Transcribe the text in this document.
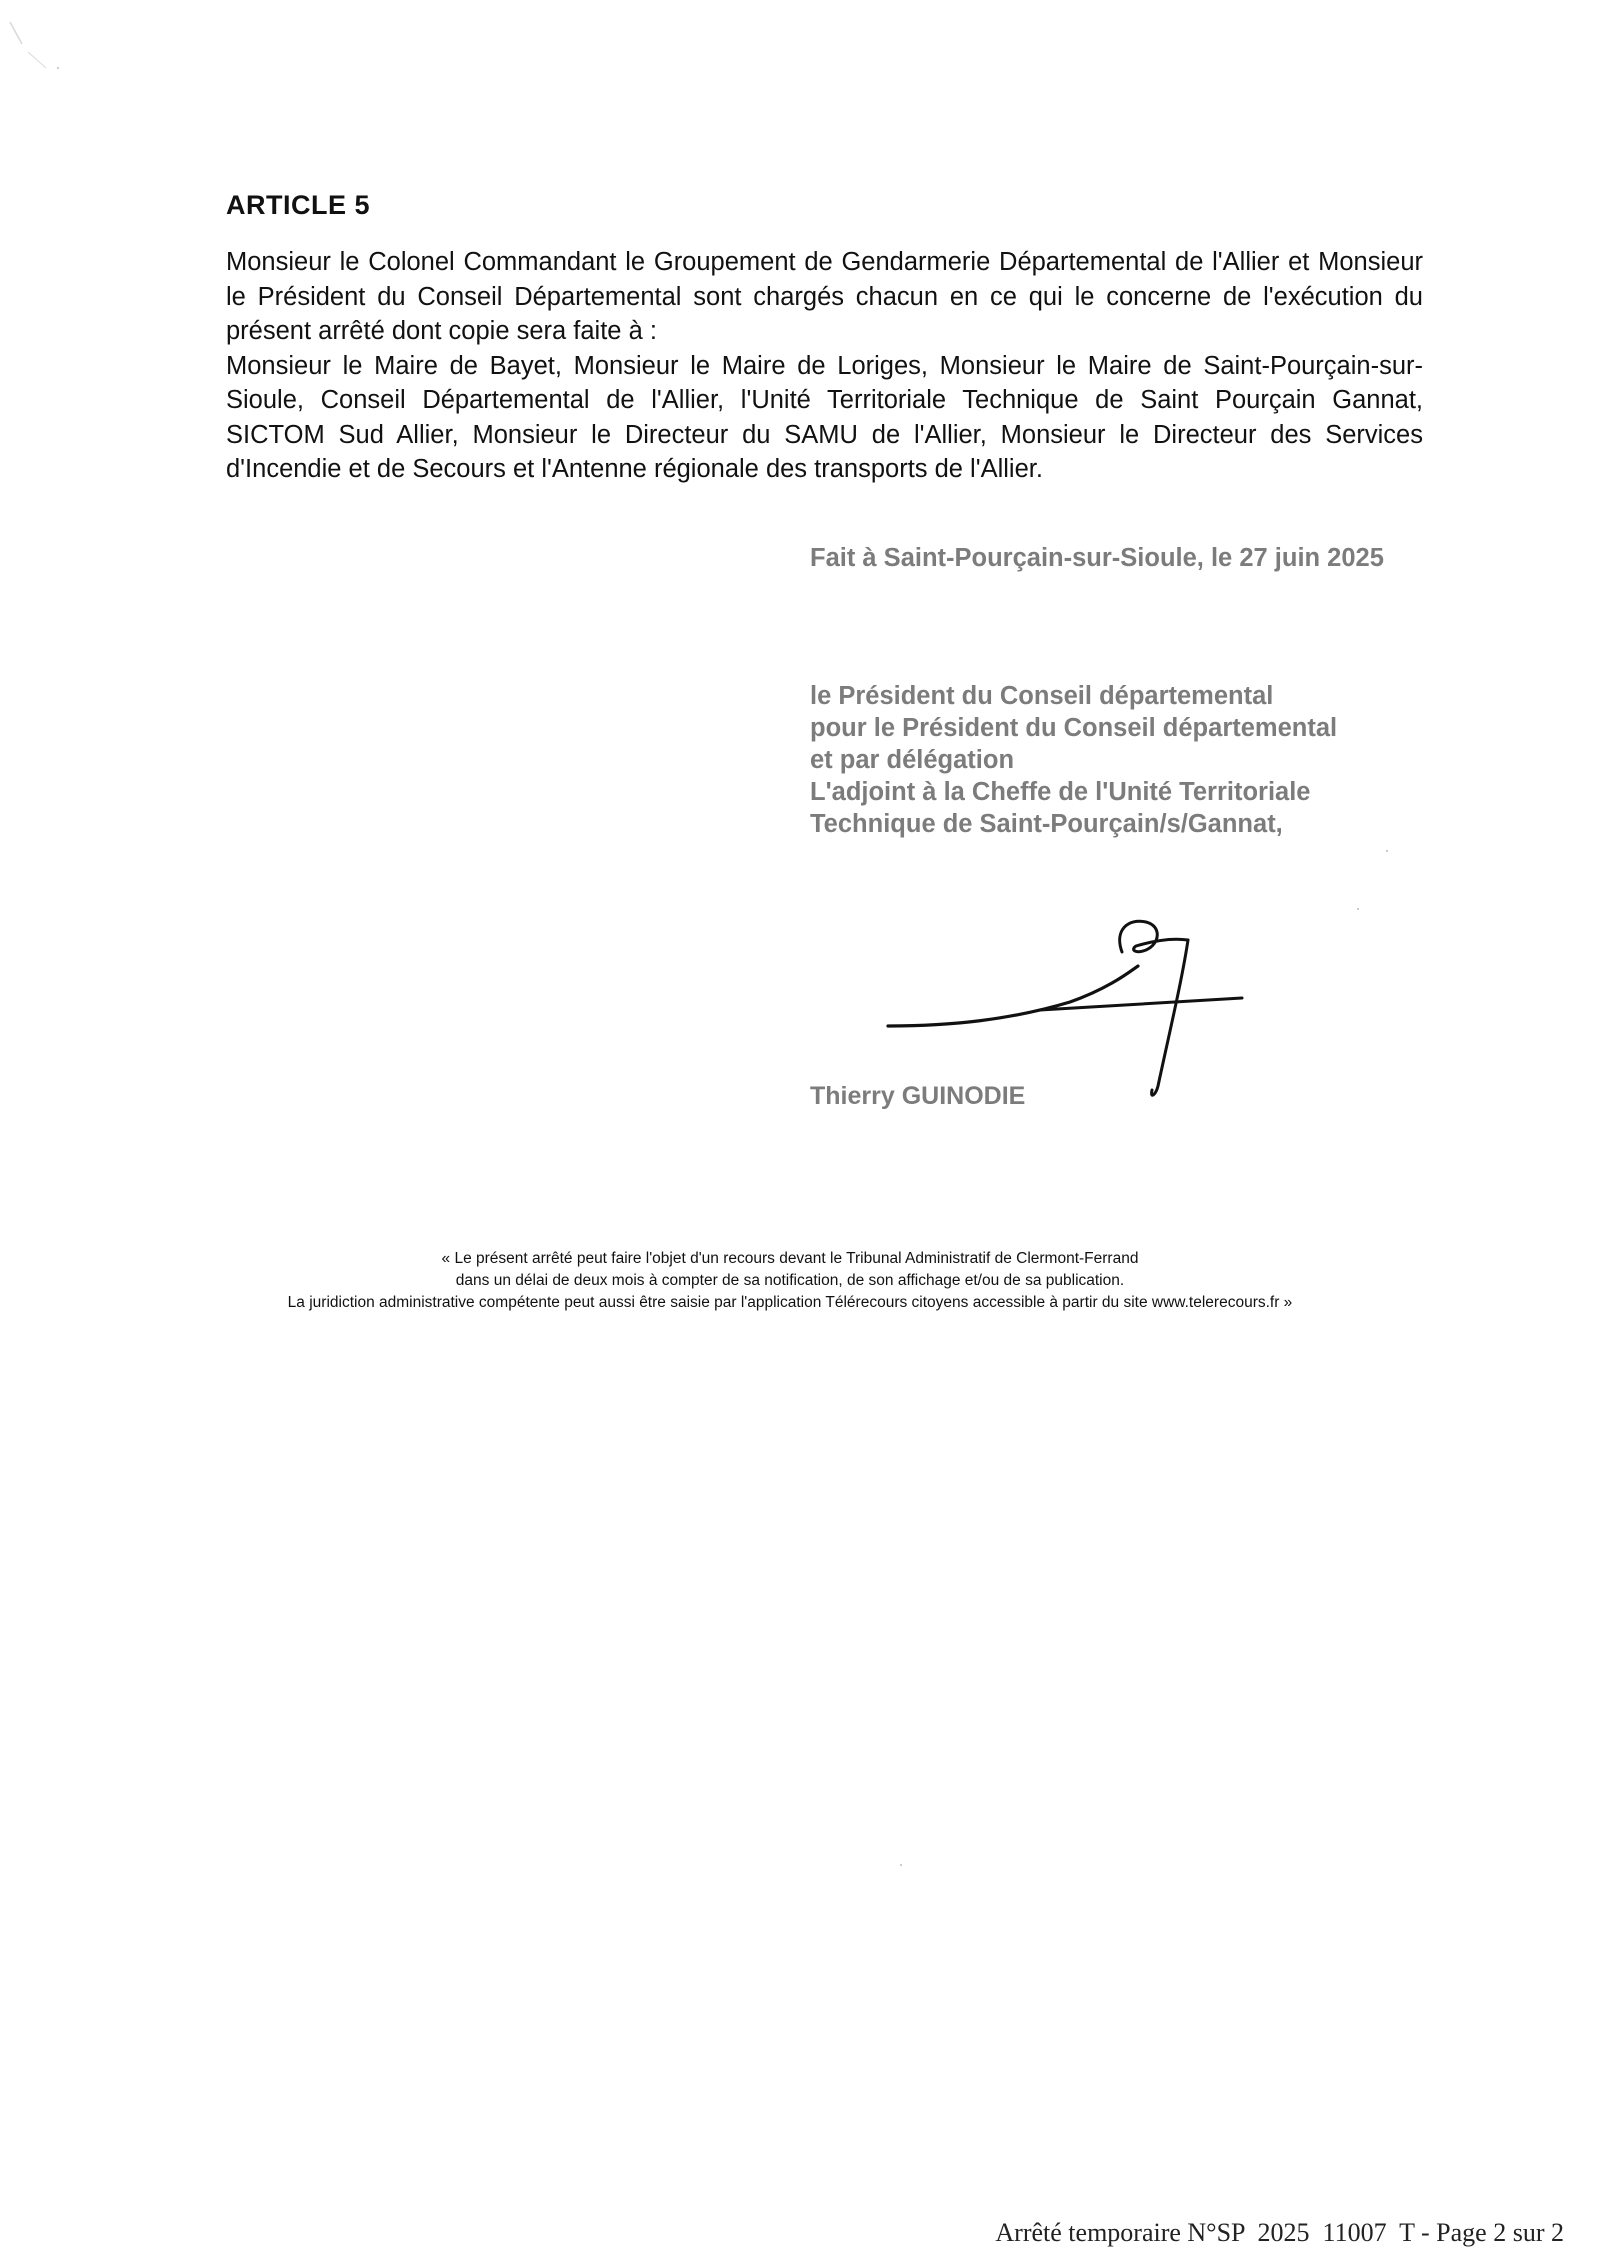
ARTICLE 5

Monsieur le Colonel Commandant le Groupement de Gendarmerie Départemental de l'Allier et Monsieur le Président du Conseil Départemental sont chargés chacun en ce qui le concerne de l'exécution du présent arrêté dont copie sera faite à :

Monsieur le Maire de Bayet, Monsieur le Maire de Loriges, Monsieur le Maire de Saint-Pourçain-sur-Sioule, Conseil Départemental de l'Allier, l'Unité Territoriale Technique de Saint Pourçain Gannat, SICTOM Sud Allier, Monsieur le Directeur du SAMU de l'Allier, Monsieur le Directeur des Services d'Incendie et de Secours et l'Antenne régionale des transports de l'Allier.

Fait à Saint-Pourçain-sur-Sioule, le 27 juin 2025
le Président du Conseil départemental
pour le Président du Conseil départemental
et par délégation
L'adjoint à la Cheffe de l'Unité Territoriale
Technique de Saint-Pourçain/s/Gannat,
Thierry GUINODIE
« Le présent arrêté peut faire l'objet d'un recours devant le Tribunal Administratif de Clermont-Ferrand
dans un délai de deux mois à compter de sa notification, de son affichage et/ou de sa publication.
La juridiction administrative compétente peut aussi être saisie par l'application Télérecours citoyens accessible à partir du site www.telerecours.fr »
Arrêté temporaire N°SP  2025  11007  T - Page 2 sur 2
